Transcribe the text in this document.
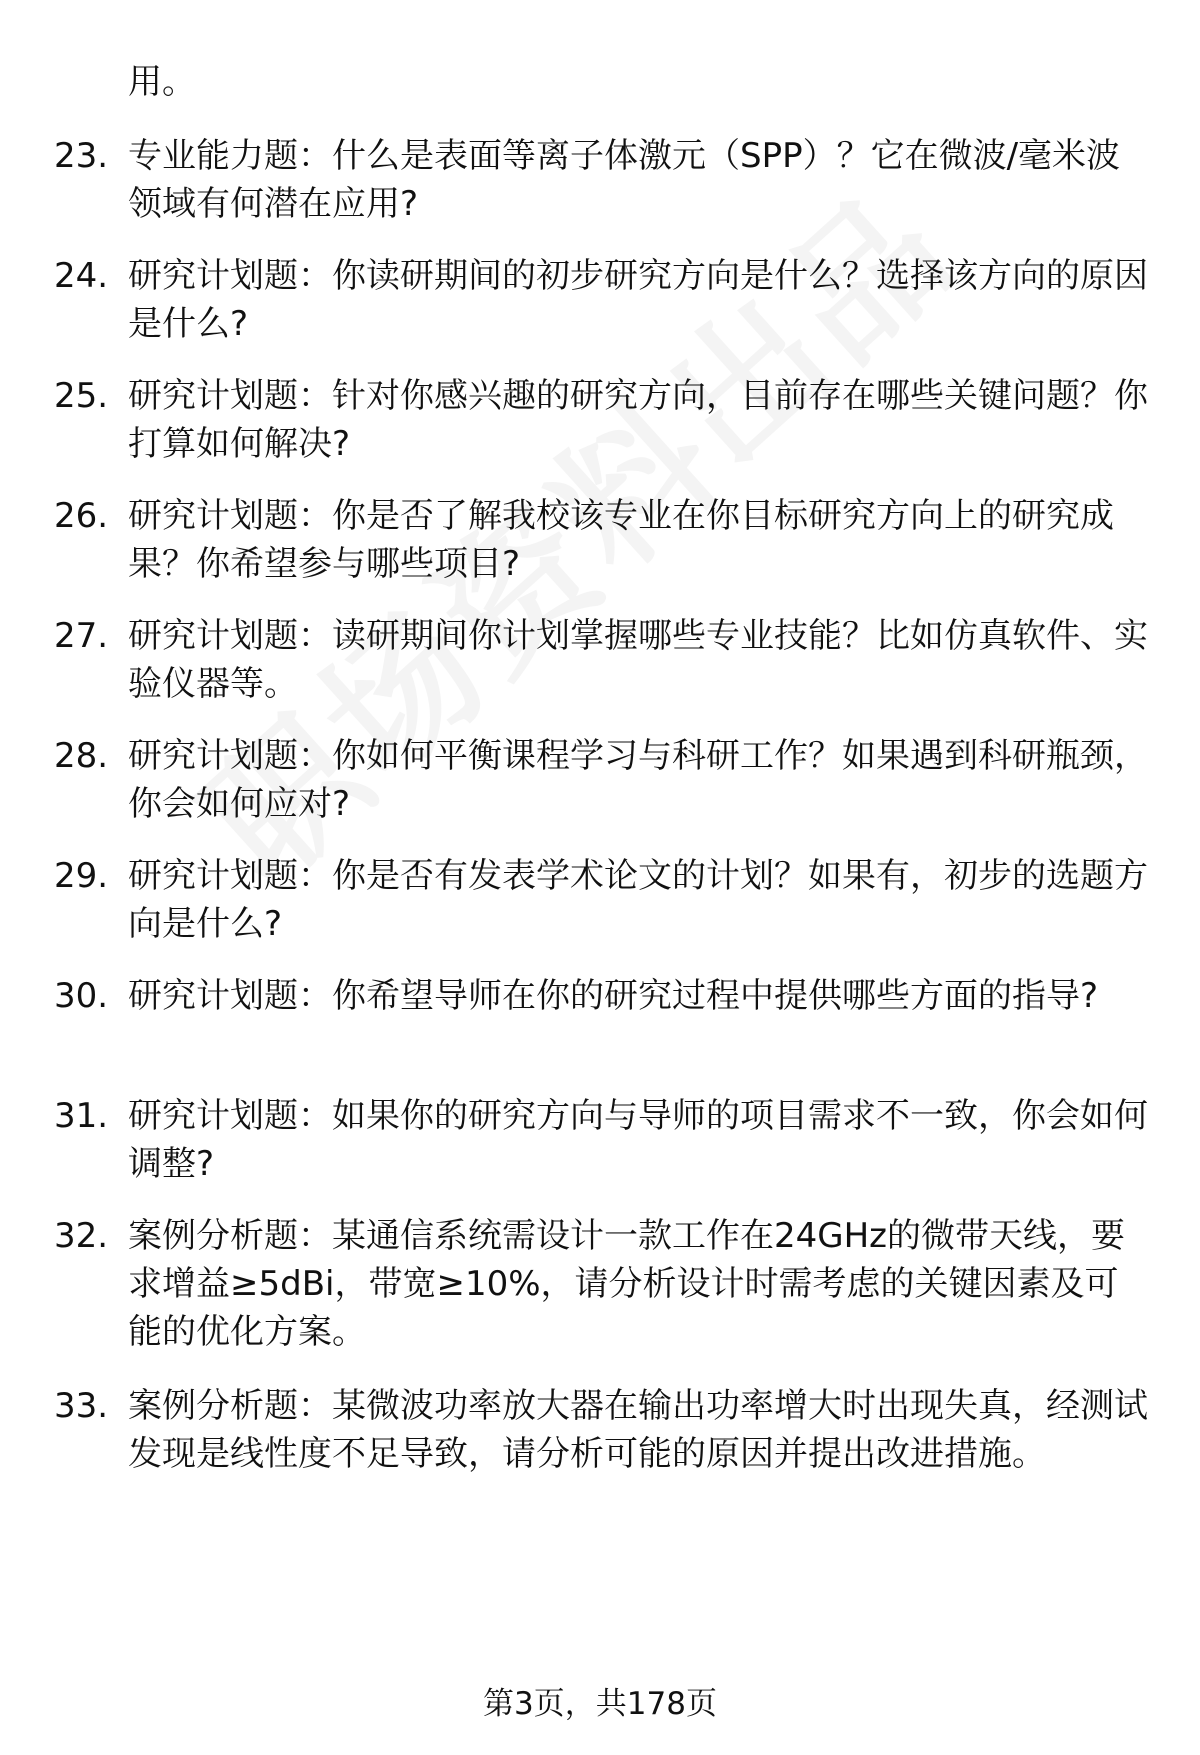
用。
23. 专业能力题：什么是表面等离子体激元（SPP）？它在微波/毫米波领域有何潜在应用?
24. 研究计划题：你读研期间的初步研究方向是什么？选择该方向的原因是什么?
25. 研究计划题：针对你感兴趣的研究方向，目前存在哪些关键问题？你打算如何解决?
26. 研究计划题：你是否了解我校该专业在你目标研究方向上的研究成果？你希望参与哪些项目?
27. 研究计划题：读研期间你计划掌握哪些专业技能？比如仿真软件、实验仪器等。
28. 研究计划题：你如何平衡课程学习与科研工作？如果遇到科研瓶颈，你会如何应对?
29. 研究计划题：你是否有发表学术论文的计划？如果有，初步的选题方向是什么?
30. 研究计划题：你希望导师在你的研究过程中提供哪些方面的指导?
31. 研究计划题：如果你的研究方向与导师的项目需求不一致，你会如何调整?
32. 案例分析题：某通信系统需设计一款工作在24GHz的微带天线，要求增益≥5dBi，带宽≥10%，请分析设计时需考虑的关键因素及可能的优化方案。
33. 案例分析题：某微波功率放大器在输出功率增大时出现失真，经测试发现是线性度不足导致，请分析可能的原因并提出改进措施。
第3页，共178页
